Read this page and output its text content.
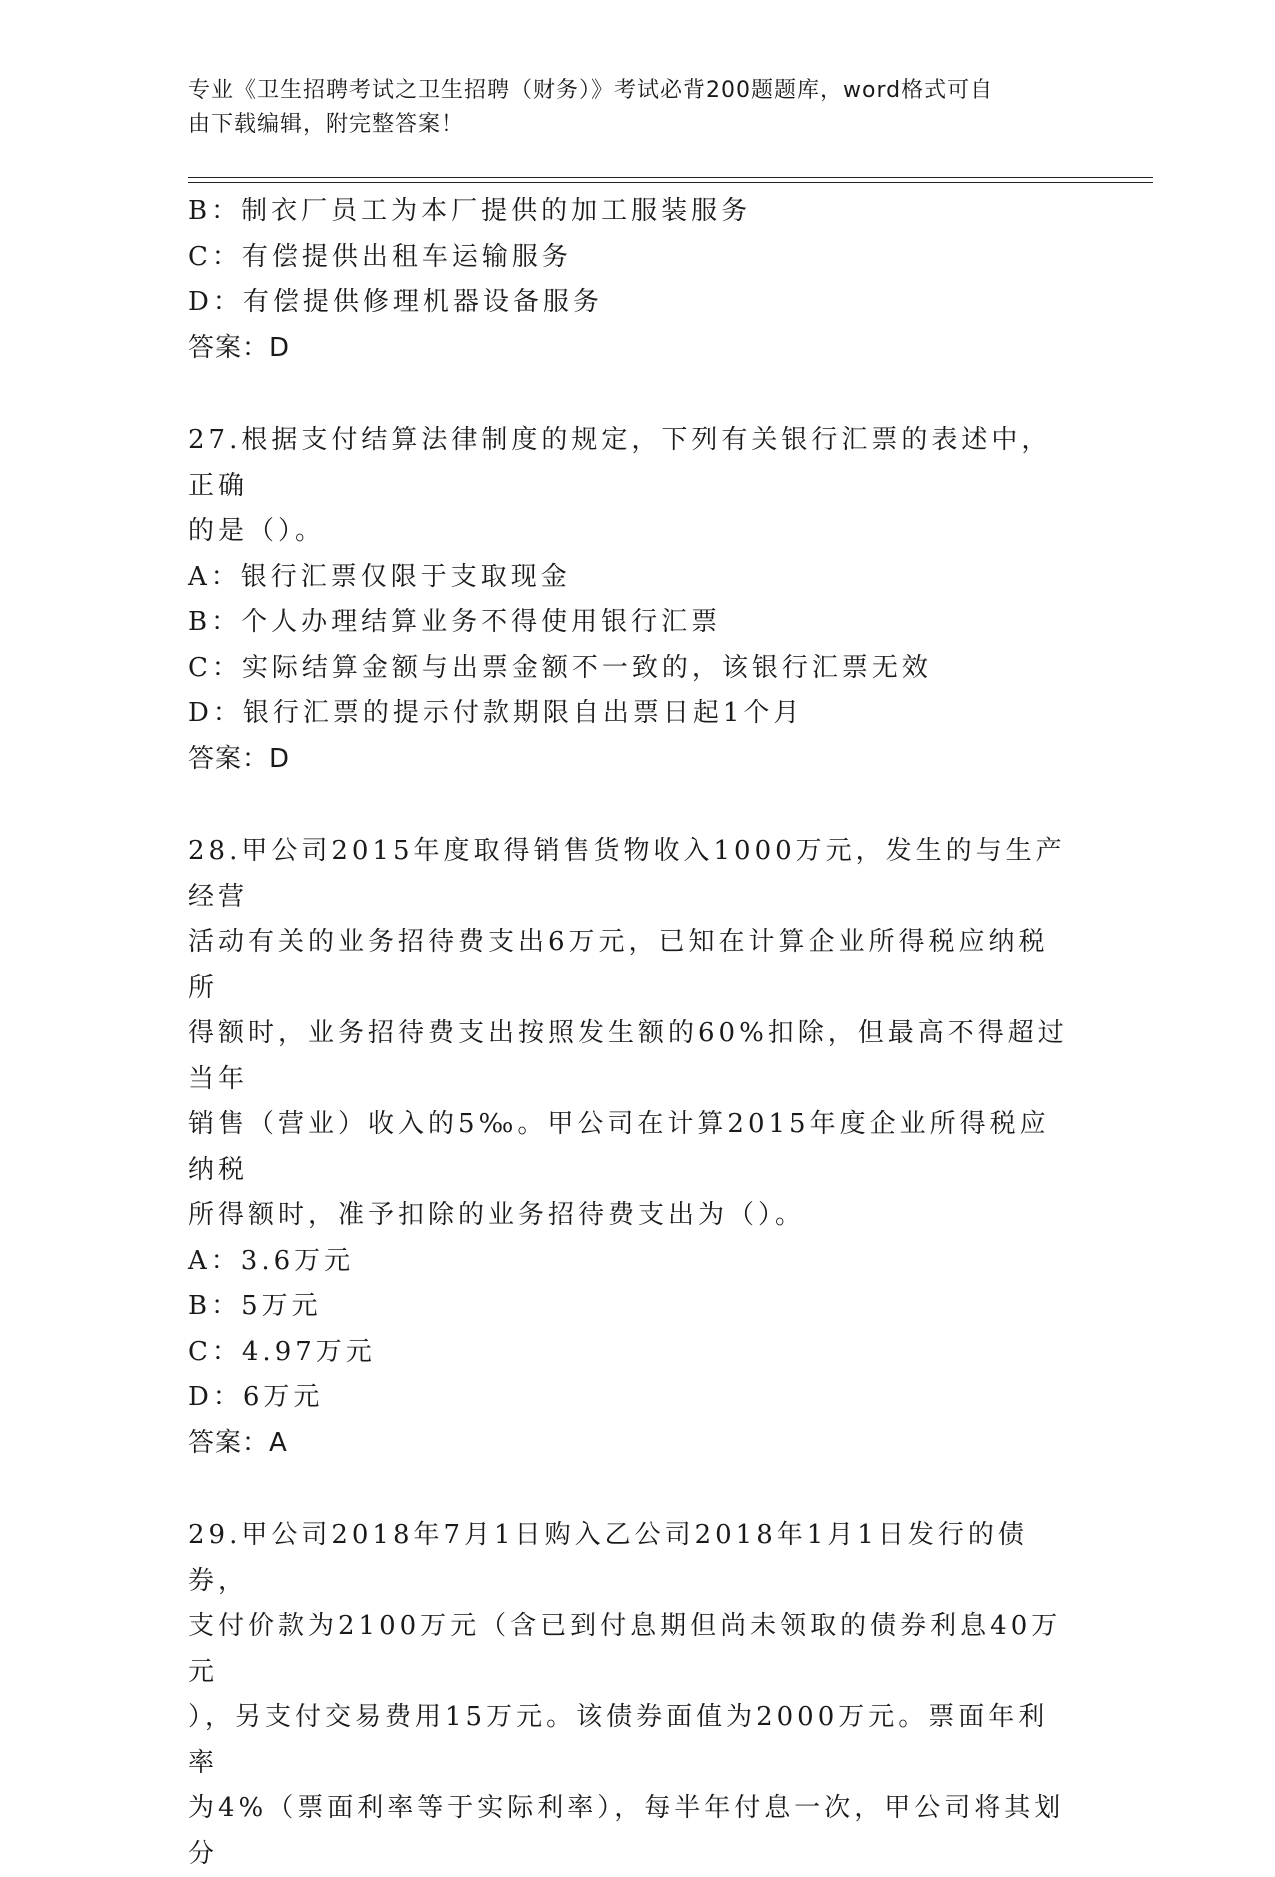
专业《卫生招聘考试之卫生招聘（财务）》考试必背200题题库，word格式可自
由下载编辑，附完整答案！

B：制衣厂员工为本厂提供的加工服装服务

C：有偿提供出租车运输服务

D：有偿提供修理机器设备服务

答案：D

27.根据支付结算法律制度的规定，下列有关银行汇票的表述中，正确
的是（）。

A：银行汇票仅限于支取现金

B：个人办理结算业务不得使用银行汇票

C：实际结算金额与出票金额不一致的，该银行汇票无效

D：银行汇票的提示付款期限自出票日起1个月

答案：D

28.甲公司2015年度取得销售货物收入1000万元，发生的与生产经营
活动有关的业务招待费支出6万元，已知在计算企业所得税应纳税所
得额时，业务招待费支出按照发生额的60%扣除，但最高不得超过当年
销售（营业）收入的5‰。甲公司在计算2015年度企业所得税应纳税
所得额时，准予扣除的业务招待费支出为（）。

A：3.6万元

B：5万元

C：4.97万元

D：6万元

答案：A

29.甲公司2018年7月1日购入乙公司2018年1月1日发行的债券，
支付价款为2100万元（含已到付息期但尚未领取的债券利息40万元
），另支付交易费用15万元。该债券面值为2000万元。票面年利率
为4%（票面利率等于实际利率），每半年付息一次，甲公司将其划分
